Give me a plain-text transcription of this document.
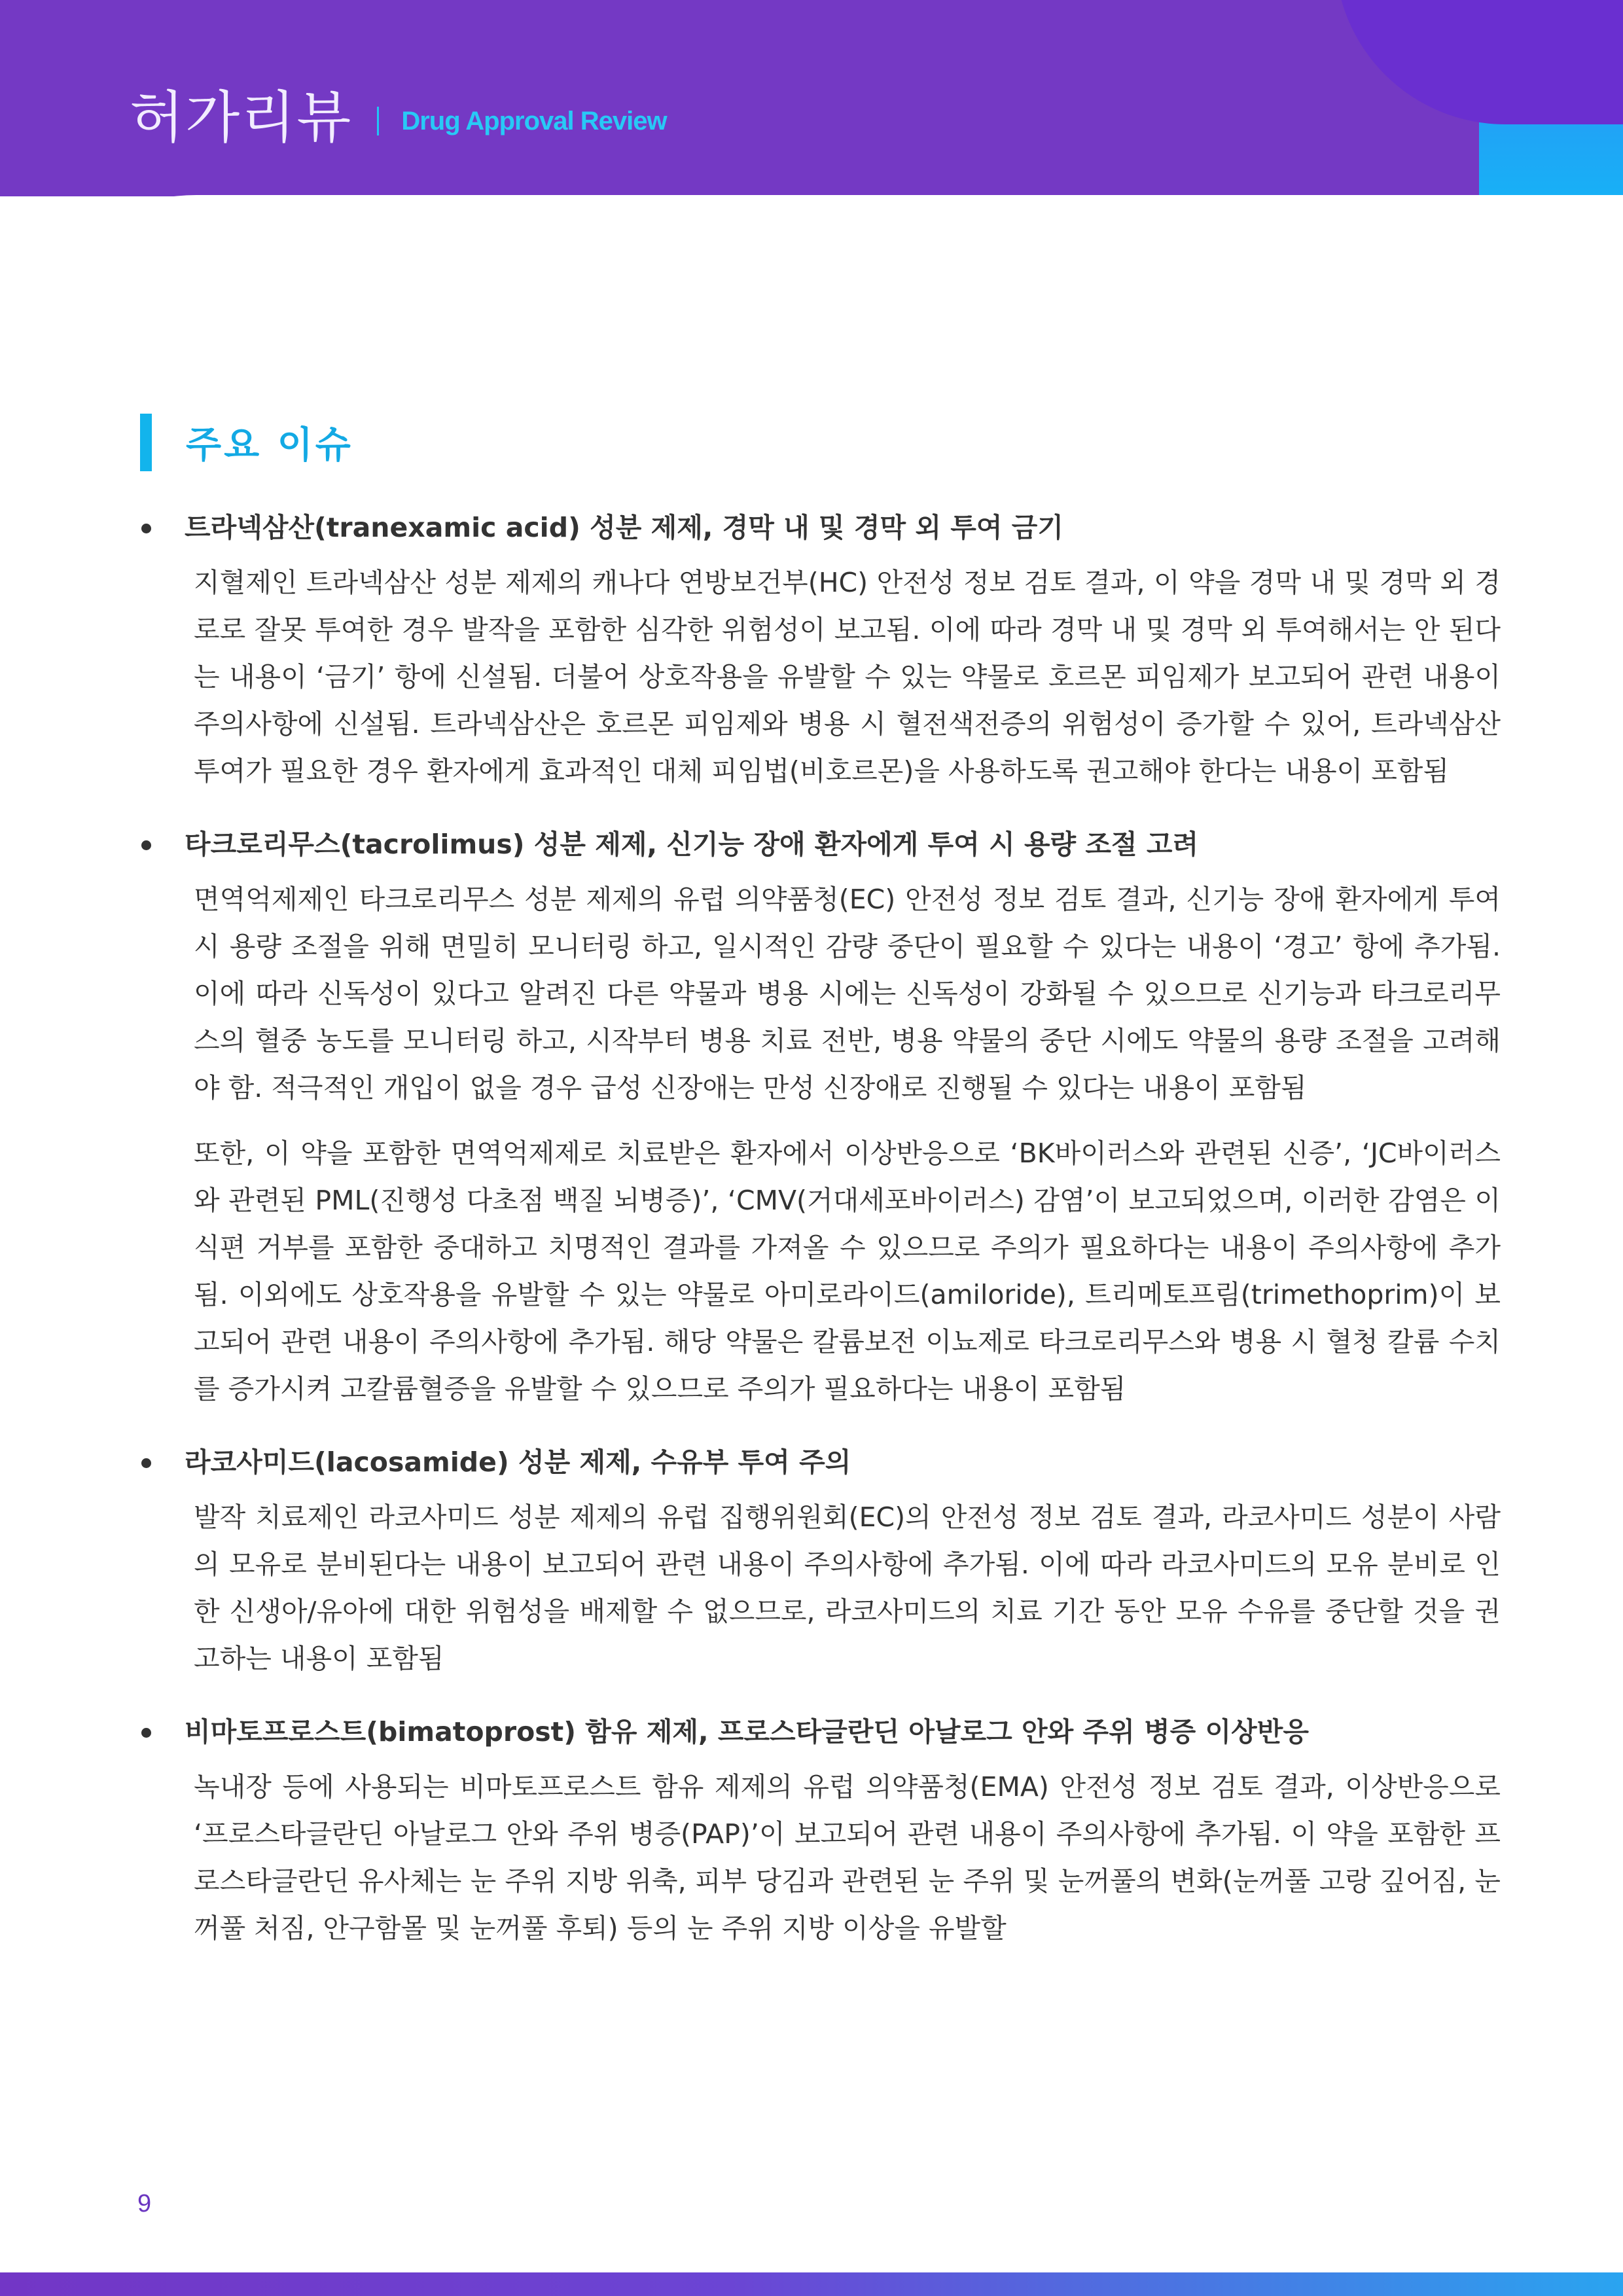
허가리뷰 Drug Approval Review
주요 이슈
트라넥삼산(tranexamic acid) 성분 제제, 경막 내 및 경막 외 투여 금기
지혈제인 트라넥삼산 성분 제제의 캐나다 연방보건부(HC) 안전성 정보 검토 결과, 이 약을 경막 내 및 경막 외 경로로 잘못 투여한 경우 발작을 포함한 심각한 위험성이 보고됨. 이에 따라 경막 내 및 경막 외 투여해서는 안 된다는 내용이 ‘금기’ 항에 신설됨. 더불어 상호작용을 유발할 수 있는 약물로 호르몬 피임제가 보고되어 관련 내용이 주의사항에 신설됨. 트라넥삼산은 호르몬 피임제와 병용 시 혈전색전증의 위험성이 증가할 수 있어, 트라넥삼산 투여가 필요한 경우 환자에게 효과적인 대체 피임법(비호르몬)을 사용하도록 권고해야 한다는 내용이 포함됨
타크로리무스(tacrolimus) 성분 제제, 신기능 장애 환자에게 투여 시 용량 조절 고려
면역억제제인 타크로리무스 성분 제제의 유럽 의약품청(EC) 안전성 정보 검토 결과, 신기능 장애 환자에게 투여 시 용량 조절을 위해 면밀히 모니터링 하고, 일시적인 감량 중단이 필요할 수 있다는 내용이 ‘경고’ 항에 추가됨. 이에 따라 신독성이 있다고 알려진 다른 약물과 병용 시에는 신독성이 강화될 수 있으므로 신기능과 타크로리무스의 혈중 농도를 모니터링 하고, 시작부터 병용 치료 전반, 병용 약물의 중단 시에도 약물의 용량 조절을 고려해야 함. 적극적인 개입이 없을 경우 급성 신장애는 만성 신장애로 진행될 수 있다는 내용이 포함됨
또한, 이 약을 포함한 면역억제제로 치료받은 환자에서 이상반응으로 ‘BK바이러스와 관련된 신증’, ‘JC바이러스와 관련된 PML(진행성 다초점 백질 뇌병증)’, ‘CMV(거대세포바이러스) 감염’이 보고되었으며, 이러한 감염은 이식편 거부를 포함한 중대하고 치명적인 결과를 가져올 수 있으므로 주의가 필요하다는 내용이 주의사항에 추가됨. 이외에도 상호작용을 유발할 수 있는 약물로 아미로라이드(amiloride), 트리메토프림(trimethoprim)이 보고되어 관련 내용이 주의사항에 추가됨. 해당 약물은 칼륨보전 이뇨제로 타크로리무스와 병용 시 혈청 칼륨 수치를 증가시켜 고칼륨혈증을 유발할 수 있으므로 주의가 필요하다는 내용이 포함됨
라코사미드(lacosamide) 성분 제제, 수유부 투여 주의
발작 치료제인 라코사미드 성분 제제의 유럽 집행위원회(EC)의 안전성 정보 검토 결과, 라코사미드 성분이 사람의 모유로 분비된다는 내용이 보고되어 관련 내용이 주의사항에 추가됨. 이에 따라 라코사미드의 모유 분비로 인한 신생아/유아에 대한 위험성을 배제할 수 없으므로, 라코사미드의 치료 기간 동안 모유 수유를 중단할 것을 권고하는 내용이 포함됨
비마토프로스트(bimatoprost) 함유 제제, 프로스타글란딘 아날로그 안와 주위 병증 이상반응
녹내장 등에 사용되는 비마토프로스트 함유 제제의 유럽 의약품청(EMA) 안전성 정보 검토 결과, 이상반응으로 ‘프로스타글란딘 아날로그 안와 주위 병증(PAP)’이 보고되어 관련 내용이 주의사항에 추가됨. 이 약을 포함한 프로스타글란딘 유사체는 눈 주위 지방 위축, 피부 당김과 관련된 눈 주위 및 눈꺼풀의 변화(눈꺼풀 고랑 깊어짐, 눈꺼풀 처짐, 안구함몰 및 눈꺼풀 후퇴) 등의 눈 주위 지방 이상을 유발할
9
